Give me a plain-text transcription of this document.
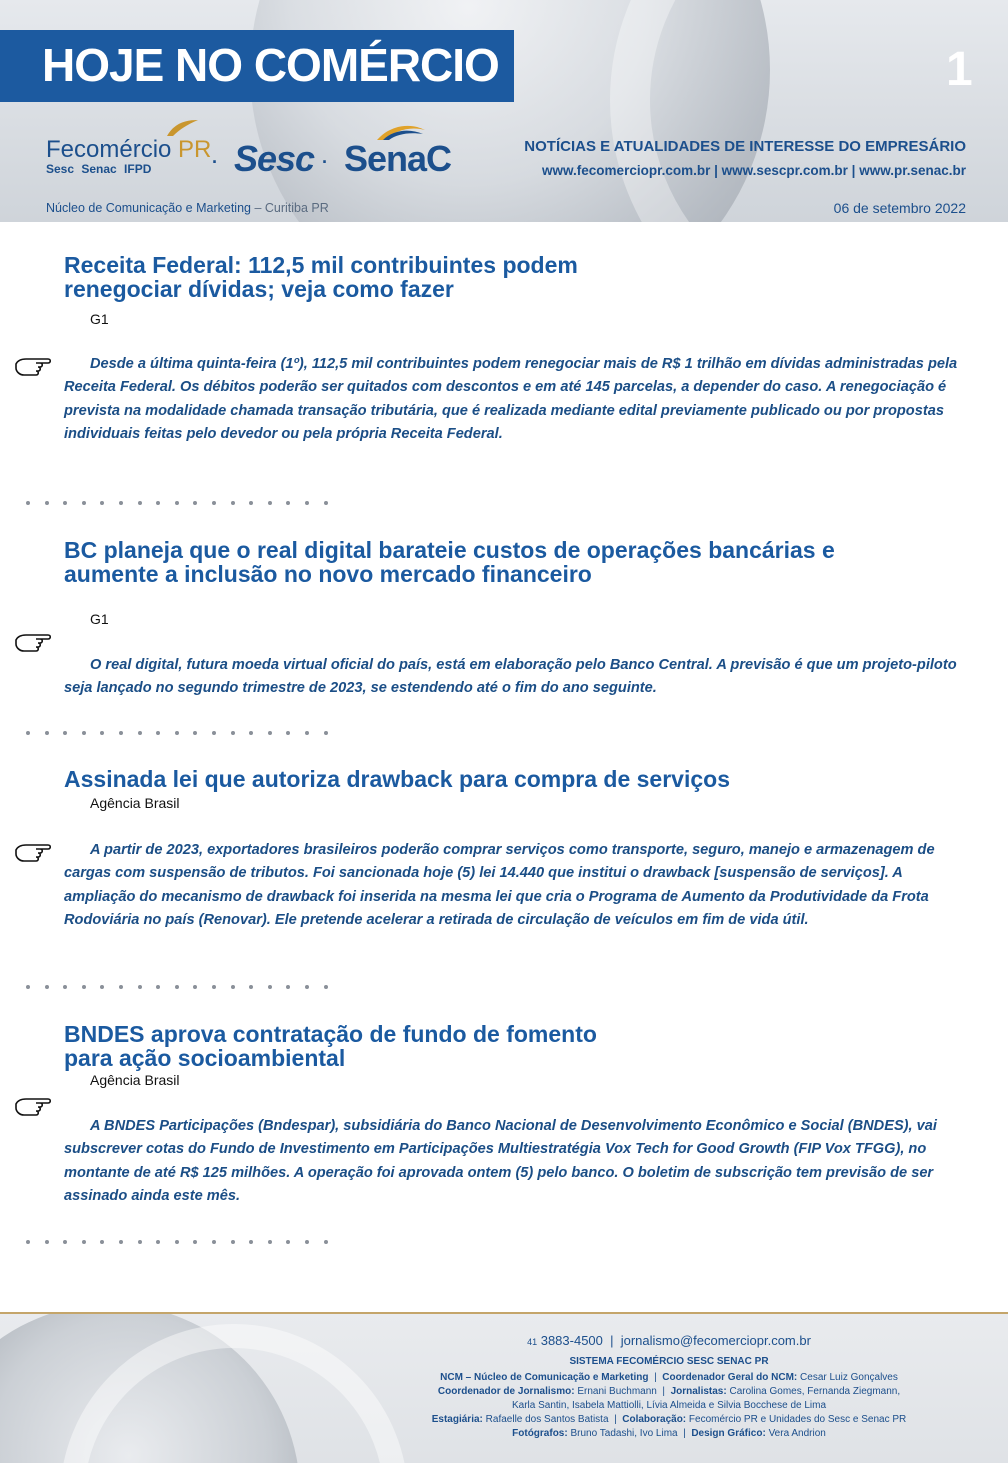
HOJE NO COMÉRCIO	1
Fecomércio PR
Sesc Senac IFPD	· Sesc · SenaC	NOTÍCIAS E ATUALIDADES DE INTERESSE DO EMPRESÁRIO
www.fecomerciopr.com.br | www.sescpr.com.br | www.pr.senac.br
Núcleo de Comunicação e Marketing – Curitiba PR	06 de setembro 2022
Receita Federal: 112,5 mil contribuintes podem
renegociar dívidas; veja como fazer
G1
Desde a última quinta-feira (1º), 112,5 mil contribuintes podem renegociar mais de R$ 1 trilhão em dívidas administradas pela Receita Federal. Os débitos poderão ser quitados com descontos e em até 145 parcelas, a depender do caso. A renegociação é prevista na modalidade chamada transação tributária, que é realizada mediante edital previamente publicado ou por propostas individuais feitas pelo devedor ou pela própria Receita Federal.
BC planeja que o real digital barateie custos de operações bancárias e
aumente a inclusão no novo mercado financeiro
G1
O real digital, futura moeda virtual oficial do país, está em elaboração pelo Banco Central. A previsão é que um projeto-piloto seja lançado no segundo trimestre de 2023, se estendendo até o fim do ano seguinte.
Assinada lei que autoriza drawback para compra de serviços
Agência Brasil
A partir de 2023, exportadores brasileiros poderão comprar serviços como transporte, seguro, manejo e armazenagem de cargas com suspensão de tributos. Foi sancionada hoje (5) lei 14.440 que institui o drawback [suspensão de serviços]. A ampliação do mecanismo de drawback foi inserida na mesma lei que cria o Programa de Aumento da Produtividade da Frota Rodoviária no país (Renovar). Ele pretende acelerar a retirada de circulação de veículos em fim de vida útil.
BNDES aprova contratação de fundo de fomento
para ação socioambiental
Agência Brasil
A BNDES Participações (Bndespar), subsidiária do Banco Nacional de Desenvolvimento Econômico e Social (BNDES), vai subscrever cotas do Fundo de Investimento em Participações Multiestratégia Vox Tech for Good Growth (FIP Vox TFGG), no montante de até R$ 125 milhões. A operação foi aprovada ontem (5) pelo banco. O boletim de subscrição tem previsão de ser assinado ainda este mês.
41 3883-4500  |  jornalismo@fecomerciopr.com.br
SISTEMA FECOMÉRCIO SESC SENAC PR
NCM – Núcleo de Comunicação e Marketing  |  Coordenador Geral do NCM: Cesar Luiz Gonçalves
Coordenador de Jornalismo: Ernani Buchmann  |  Jornalistas: Carolina Gomes, Fernanda Ziegmann,
Karla Santin, Isabela Mattiolli, Lívia Almeida e Silvia Bocchese de Lima
Estagiária: Rafaelle dos Santos Batista  |  Colaboração: Fecomércio PR e Unidades do Sesc e Senac PR
Fotógrafos: Bruno Tadashi, Ivo Lima  |  Design Gráfico: Vera Andrion
